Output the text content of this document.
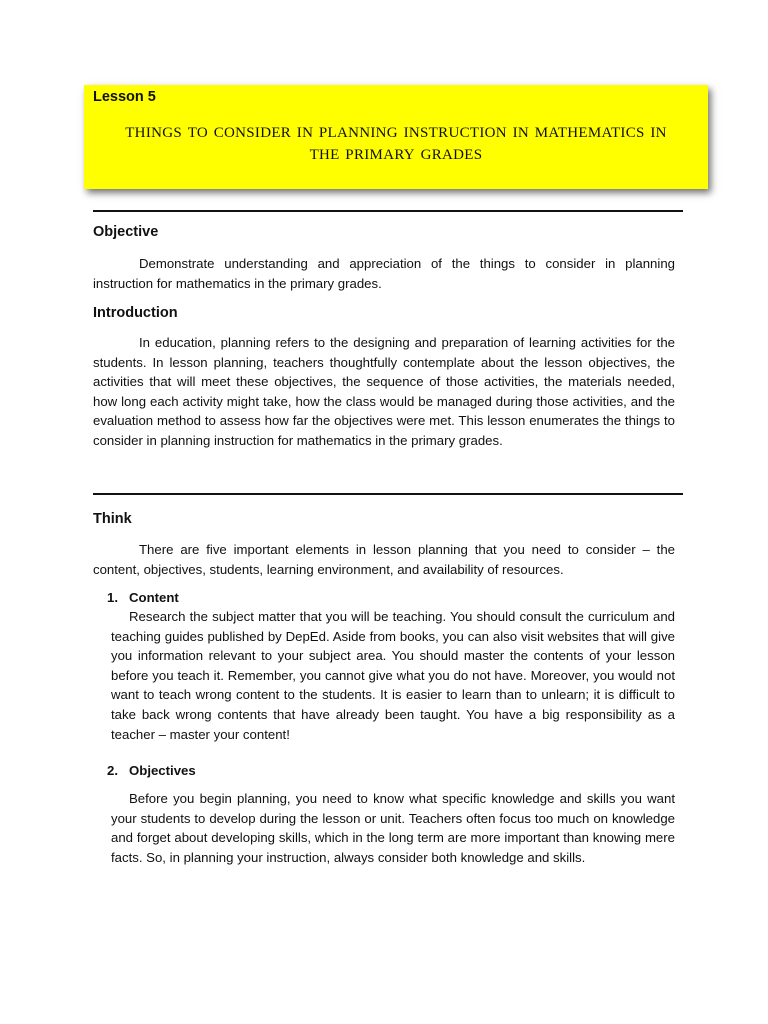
Lesson 5
things to consider in planning instruction in mathematics in the primary grades
Objective

Demonstrate understanding and appreciation of the things to consider in planning instruction for mathematics in the primary grades.

Introduction

In education, planning refers to the designing and preparation of learning activities for the students. In lesson planning, teachers thoughtfully contemplate about the lesson objectives, the activities that will meet these objectives, the sequence of those activities, the materials needed, how long each activity might take, how the class would be managed during those activities, and the evaluation method to assess how far the objectives were met. This lesson enumerates the things to consider in planning instruction for mathematics in the primary grades.

Think

There are five important elements in lesson planning that you need to consider – the content, objectives, students, learning environment, and availability of resources.

1. Content

Research the subject matter that you will be teaching. You should consult the curriculum and teaching guides published by DepEd. Aside from books, you can also visit websites that will give you information relevant to your subject area. You should master the contents of your lesson before you teach it. Remember, you cannot give what you do not have. Moreover, you would not want to teach wrong content to the students. It is easier to learn than to unlearn; it is difficult to take back wrong contents that have already been taught. You have a big responsibility as a teacher – master your content!

2. Objectives

Before you begin planning, you need to know what specific knowledge and skills you want your students to develop during the lesson or unit. Teachers often focus too much on knowledge and forget about developing skills, which in the long term are more important than knowing mere facts. So, in planning your instruction, always consider both knowledge and skills.
